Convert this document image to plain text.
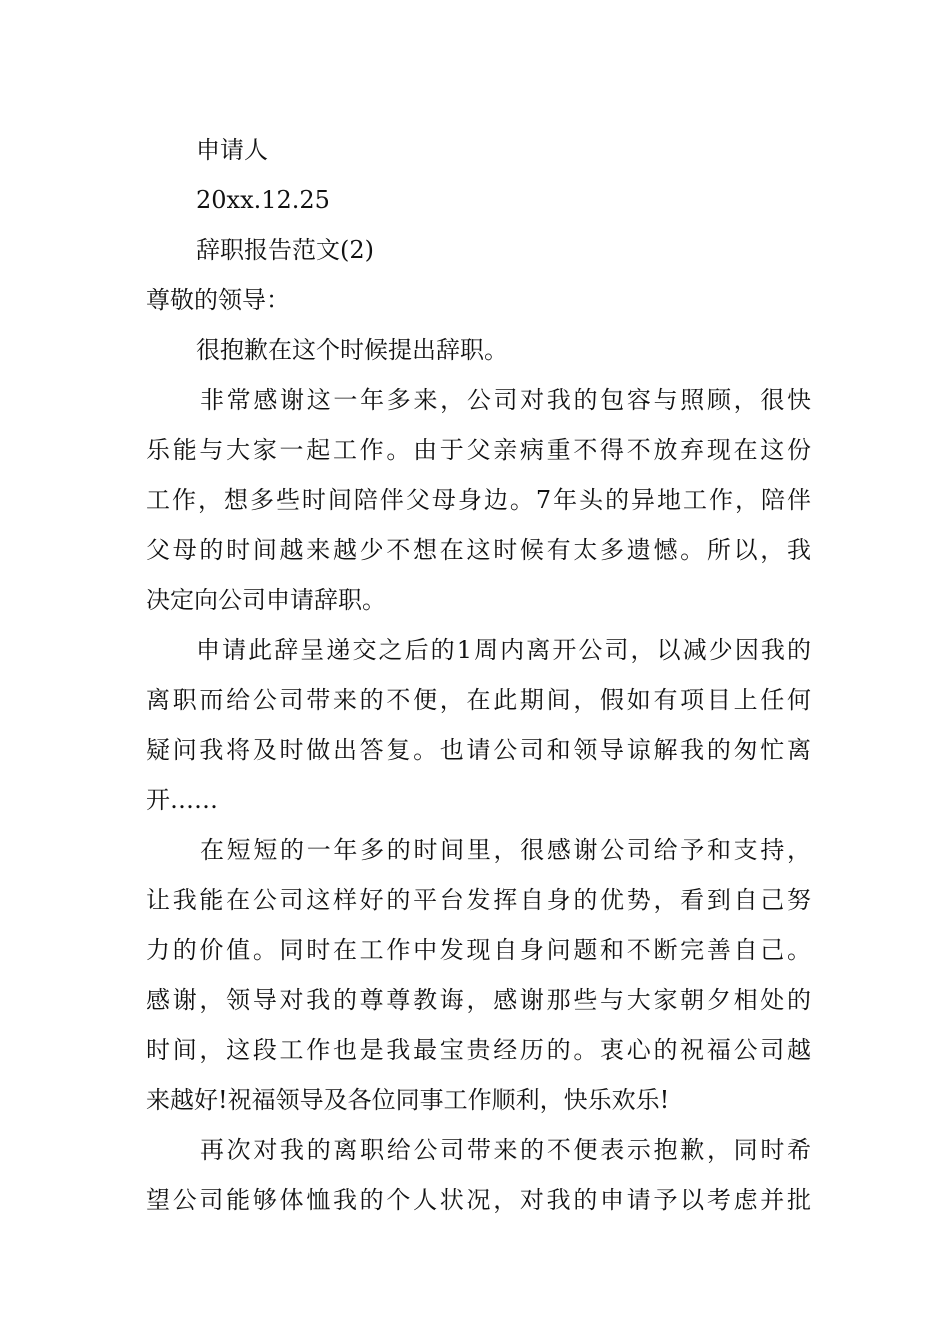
申请人
20xx.12.25
辞职报告范文(2)
尊敬的领导：
很抱歉在这个时候提出辞职。
非常感谢这一年多来，公司对我的包容与照顾，很快
乐能与大家一起工作。由于父亲病重不得不放弃现在这份
工作，想多些时间陪伴父母身边。7年头的异地工作，陪伴
父母的时间越来越少不想在这时候有太多遗憾。所以，我
决定向公司申请辞职。
申请此辞呈递交之后的1周内离开公司，以减少因我的
离职而给公司带来的不便，在此期间，假如有项目上任何
疑问我将及时做出答复。也请公司和领导谅解我的匆忙离
开……
在短短的一年多的时间里，很感谢公司给予和支持，
让我能在公司这样好的平台发挥自身的优势，看到自己努
力的价值。同时在工作中发现自身问题和不断完善自己。
感谢，领导对我的尊尊教诲，感谢那些与大家朝夕相处的
时间，这段工作也是我最宝贵经历的。衷心的祝福公司越
来越好!祝福领导及各位同事工作顺利，快乐欢乐!
再次对我的离职给公司带来的不便表示抱歉，同时希
望公司能够体恤我的个人状况，对我的申请予以考虑并批
